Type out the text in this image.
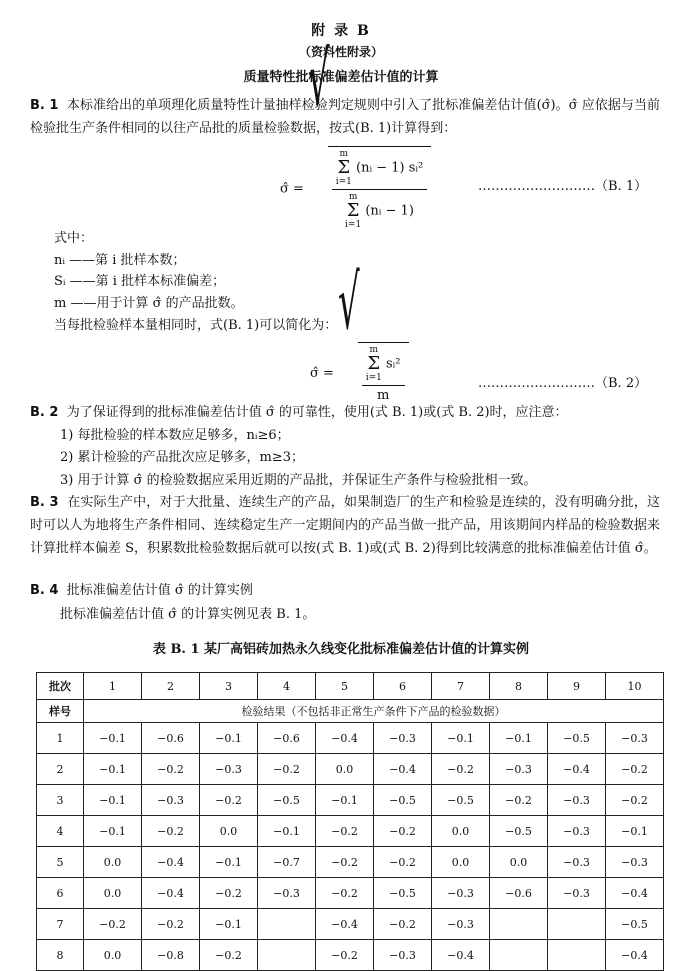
附 录 B
（资料性附录）
质量特性批标准偏差估计值的计算
B. 1 本标准给出的单项理化质量特性计量抽样检验判定规则中引入了批标准偏差估计值(σ̂)。σ̂ 应依据与当前检验批生产条件相同的以往产品批的质量检验数据，按式(B. 1)计算得到：
σ̂ =
√
m
Σ
i=1
(nᵢ − 1) sᵢ²
m
Σ
i=1
(nᵢ − 1)	………………………（B. 1）
式中：
nᵢ ——第 i 批样本数；
Sᵢ ——第 i 批样本标准偏差；
m ——用于计算 σ̂ 的产品批数。
当每批检验样本量相同时，式(B. 1)可以简化为：
σ̂ =
√
m
Σ
i=1
sᵢ²
m	………………………（B. 2）
B. 2 为了保证得到的批标准偏差估计值 σ̂ 的可靠性，使用(式 B. 1)或(式 B. 2)时，应注意：
1) 每批检验的样本数应足够多，nᵢ≥6；
2) 累计检验的产品批次应足够多，m≥3；
3) 用于计算 σ̂ 的检验数据应采用近期的产品批，并保证生产条件与检验批相一致。
B. 3 在实际生产中，对于大批量、连续生产的产品，如果制造厂的生产和检验是连续的，没有明确分批，这时可以人为地将生产条件相同、连续稳定生产一定期间内的产品当做一批产品，用该期间内样品的检验数据来计算批样本偏差 S，积累数批检验数据后就可以按(式 B. 1)或(式 B. 2)得到比较满意的批标准偏差估计值 σ̂。
B. 4 批标准偏差估计值 σ̂ 的计算实例
批标准偏差估计值 σ̂ 的计算实例见表 B. 1。
表 B. 1 某厂高铝砖加热永久线变化批标准偏差估计值的计算实例
批次	1	2	3	4	5	6	7	8	9	10
样号	检验结果（不包括非正常生产条件下产品的检验数据）									
1	−0.1	−0.6	−0.1	−0.6	−0.4	−0.3	−0.1	−0.1	−0.5	−0.3
2	−0.1	−0.2	−0.3	−0.2	0.0	−0.4	−0.2	−0.3	−0.4	−0.2
3	−0.1	−0.3	−0.2	−0.5	−0.1	−0.5	−0.5	−0.2	−0.3	−0.2
4	−0.1	−0.2	0.0	−0.1	−0.2	−0.2	0.0	−0.5	−0.3	−0.1
5	0.0	−0.4	−0.1	−0.7	−0.2	−0.2	0.0	0.0	−0.3	−0.3
6	0.0	−0.4	−0.2	−0.3	−0.2	−0.5	−0.3	−0.6	−0.3	−0.4
7	−0.2	−0.2	−0.1		−0.4	−0.2	−0.3			−0.5
8	0.0	−0.8	−0.2		−0.2	−0.3	−0.4			−0.4
